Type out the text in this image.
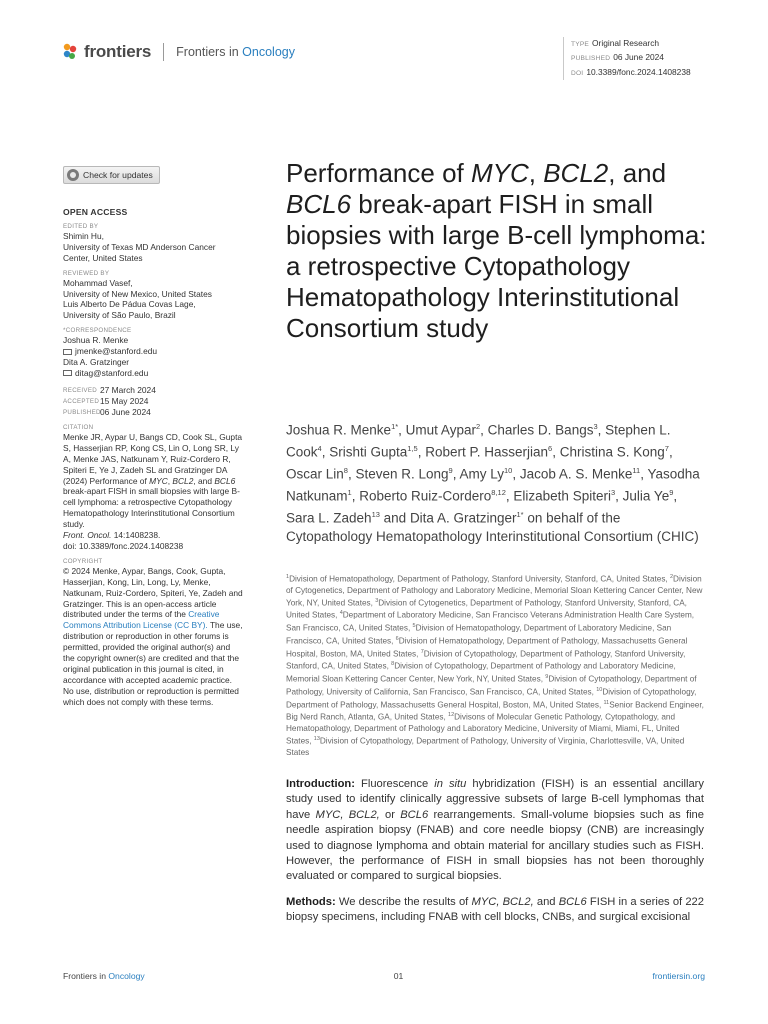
frontiers Frontiers in Oncology
TYPE Original Research
PUBLISHED 06 June 2024
DOI 10.3389/fonc.2024.1408238
Check for updates
OPEN ACCESS
EDITED BY
Shimin Hu,
University of Texas MD Anderson Cancer
Center, United States
REVIEWED BY
Mohammad Vasef,
University of New Mexico, United States
Luis Alberto De Pádua Covas Lage,
University of São Paulo, Brazil
*CORRESPONDENCE
Joshua R. Menke
jmenke@stanford.edu
Dita A. Gratzinger
ditag@stanford.edu
RECEIVED 27 March 2024
ACCEPTED 15 May 2024
PUBLISHED 06 June 2024
CITATION
Menke JR, Aypar U, Bangs CD, Cook SL, Gupta S, Hasserjian RP, Kong CS, Lin O, Long SR, Ly A, Menke JAS, Natkunam Y, Ruiz-Cordero R, Spiteri E, Ye J, Zadeh SL and Gratzinger DA (2024) Performance of MYC, BCL2, and BCL6 break-apart FISH in small biopsies with large B-cell lymphoma: a retrospective Cytopathology Hematopathology Interinstitutional Consortium study.
Front. Oncol. 14:1408238.
doi: 10.3389/fonc.2024.1408238
COPYRIGHT
© 2024 Menke, Aypar, Bangs, Cook, Gupta, Hasserjian, Kong, Lin, Long, Ly, Menke, Natkunam, Ruiz-Cordero, Spiteri, Ye, Zadeh and Gratzinger. This is an open-access article distributed under the terms of the Creative Commons Attribution License (CC BY). The use, distribution or reproduction in other forums is permitted, provided the original author(s) and the copyright owner(s) are credited and that the original publication in this journal is cited, in accordance with accepted academic practice. No use, distribution or reproduction is permitted which does not comply with these terms.
Performance of MYC, BCL2, and
BCL6 break-apart FISH in small biopsies with large B-cell lymphoma: a retrospective Cytopathology Hematopathology Interinstitutional Consortium study
Joshua R. Menke$^{1*}$, Umut Aypar$^2$, Charles D. Bangs$^3$, Stephen L. Cook$^4$, Srishti Gupta$^{1,5}$, Robert P. Hasserjian$^6$, Christina S. Kong$^7$, Oscar Lin$^8$, Steven R. Long$^9$, Amy Ly$^{10}$, Jacob A. S. Menke$^{11}$, Yasodha Natkunam$^1$, Roberto Ruiz-Cordero$^{8,12}$, Elizabeth Spiteri$^3$, Julia Ye$^9$, Sara L. Zadeh$^{13}$ and Dita A. Gratzinger$^{1*}$ on behalf of the Cytopathology Hematopathology Interinstitutional Consortium (CHIC)
$^1$Division of Hematopathology, Department of Pathology, Stanford University, Stanford, CA, United States, $^2$Division of Cytogenetics, Department of Pathology and Laboratory Medicine, Memorial Sloan Kettering Cancer Center, New York, NY, United States, $^3$Division of Cytogenetics, Department of Pathology, Stanford University, Stanford, CA, United States, $^4$Department of Laboratory Medicine, San Francisco Veterans Administration Health Care System, San Francisco, CA, United States, $^5$Division of Hematopathology, Department of Laboratory Medicine, San Francisco, CA, United States, $^6$Division of Hematopathology, Department of Pathology, Massachusetts General Hospital, Boston, MA, United States, $^7$Division of Cytopathology, Department of Pathology, Stanford University, Stanford, CA, United States, $^8$Division of Cytopathology, Department of Pathology and Laboratory Medicine, Memorial Sloan Kettering Cancer Center, New York, NY, United States, $^9$Division of Cytopathology, Department of Pathology, University of California, San Francisco, San Francisco, CA, United States, $^{10}$Division of Cytopathology, Department of Pathology, Massachusetts General Hospital, Boston, MA, United States, $^{11}$Senior Backend Engineer, Big Nerd Ranch, Atlanta, GA, United States, $^{12}$Divisons of Molecular Genetic Pathology, Cytopathology, and Hematopathology, Department of Pathology and Laboratory Medicine, University of Miami, Miami, FL, United States, $^{13}$Division of Cytopathology, Department of Pathology, University of Virginia, Charlottesville, VA, United States

Introduction: Fluorescence in situ hybridization (FISH) is an essential ancillary study used to identify clinically aggressive subsets of large B-cell lymphomas that have MYC, BCL2, or BCL6 rearrangements. Small-volume biopsies such as fine needle aspiration biopsy (FNAB) and core needle biopsy (CNB) are increasingly used to diagnose lymphoma and obtain material for ancillary studies such as FISH. However, the performance of FISH in small biopsies has not been thoroughly evaluated or compared to surgical biopsies.

Methods: We describe the results of MYC, BCL2, and BCL6 FISH in a series of 222 biopsy specimens, including FNAB with cell blocks, CNBs, and surgical excisional

Frontiers in Oncology	01	frontiersin.org
